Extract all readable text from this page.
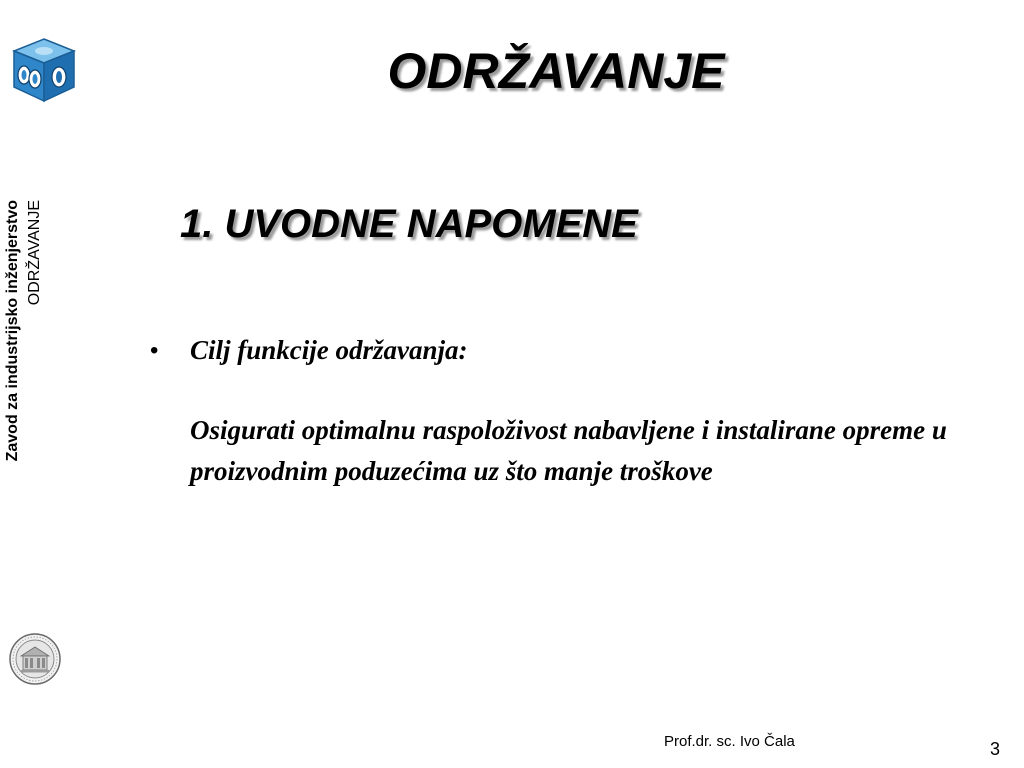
ODRŽAVANJE
1. UVODNE NAPOMENE
Zavod za industrijsko inženjerstvo ODRŽAVANJE
•	Cilj funkcije održavanja:
Osigurati optimalnu raspoloživost nabavljene i instalirane opreme u proizvodnim poduzećima uz što manje troškove
Prof.dr. sc. Ivo Čala	3
